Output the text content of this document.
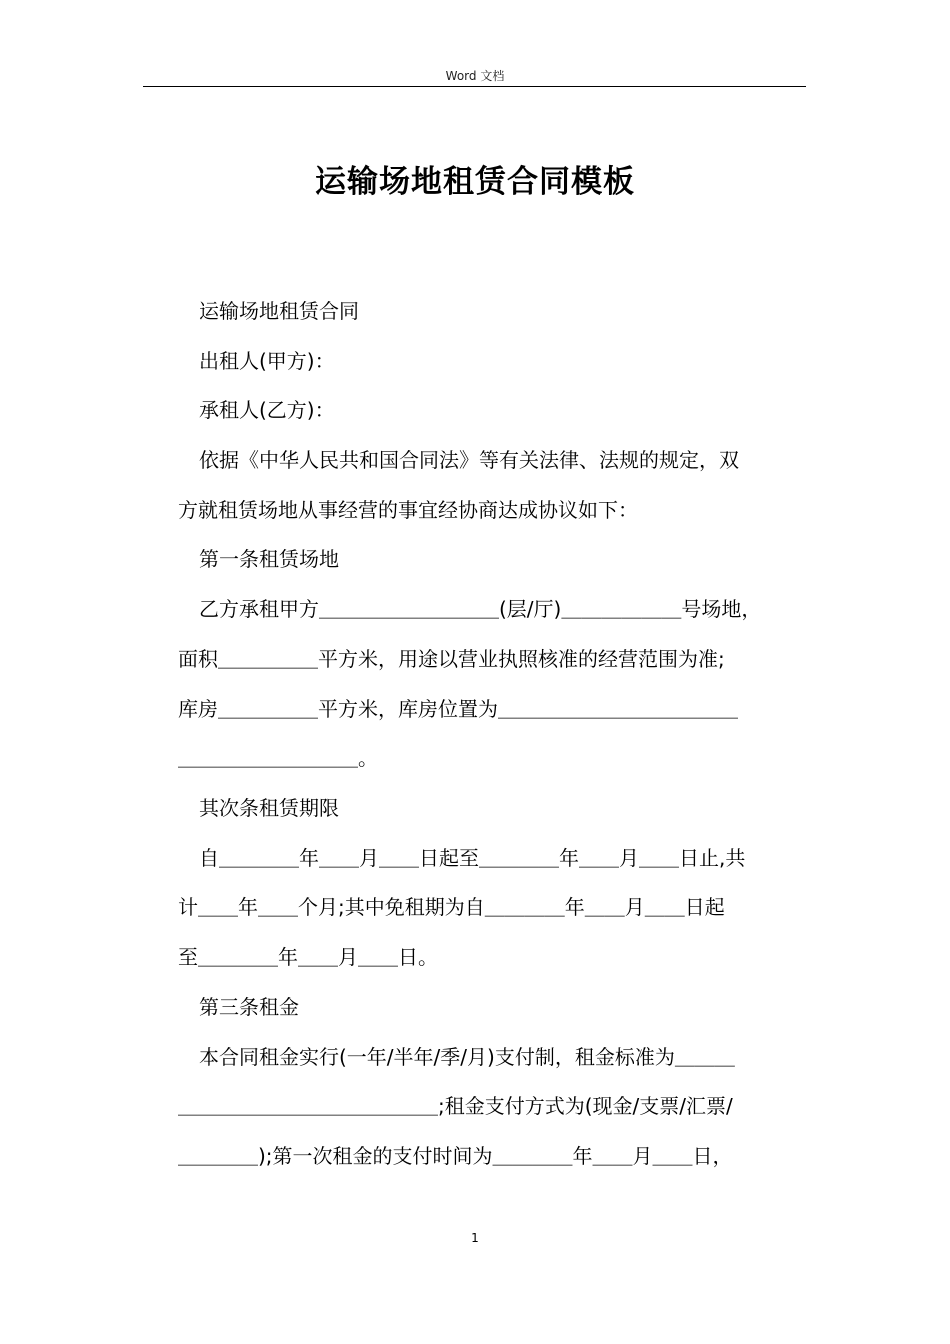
Word 文档
运输场地租赁合同模板
运输场地租赁合同
出租人(甲方)：
承租人(乙方)：
依据《中华人民共和国合同法》等有关法律、法规的规定，双
方就租赁场地从事经营的事宜经协商达成协议如下：
第一条租赁场地
乙方承租甲方＿＿＿＿＿＿＿＿＿(层/厅)＿＿＿＿＿＿号场地，
面积＿＿＿＿＿平方米，用途以营业执照核准的经营范围为准;
库房＿＿＿＿＿平方米，库房位置为＿＿＿＿＿＿＿＿＿＿＿＿
＿＿＿＿＿＿＿＿＿。
其次条租赁期限
自＿＿＿＿年＿＿月＿＿日起至＿＿＿＿年＿＿月＿＿日止,共
计＿＿年＿＿个月;其中免租期为自＿＿＿＿年＿＿月＿＿日起
至＿＿＿＿年＿＿月＿＿日。
第三条租金
本合同租金实行(一年/半年/季/月)支付制，租金标准为＿＿＿
＿＿＿＿＿＿＿＿＿＿＿＿＿;租金支付方式为(现金/支票/汇票/
＿＿＿＿);第一次租金的支付时间为＿＿＿＿年＿＿月＿＿日，
1
